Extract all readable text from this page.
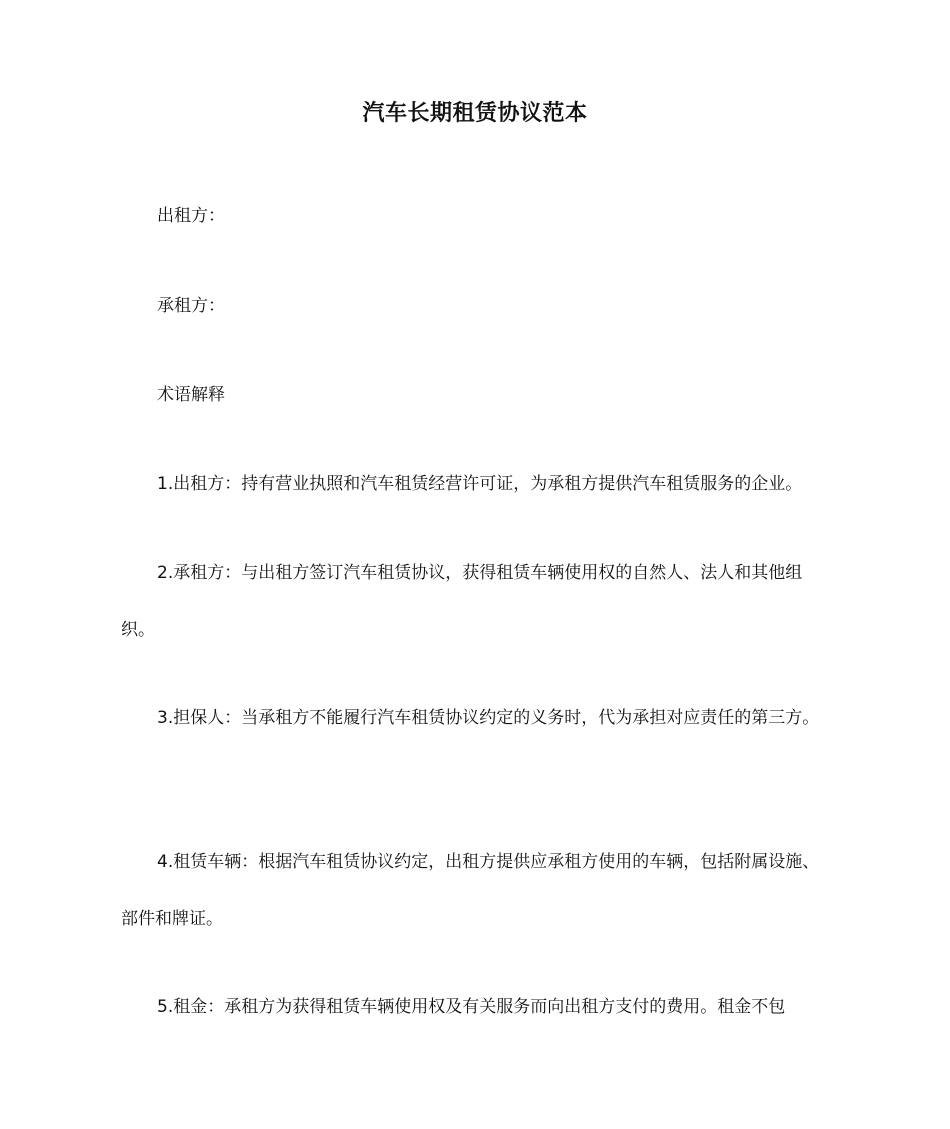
汽车长期租赁协议范本

出租方：

承租方：

术语解释

1.出租方：持有营业执照和汽车租赁经营许可证，为承租方提供汽车租赁服务的企业。

2.承租方：与出租方签订汽车租赁协议，获得租赁车辆使用权的自然人、法人和其他组织。

3.担保人：当承租方不能履行汽车租赁协议约定的义务时，代为承担对应责任的第三方。

4.租赁车辆：根据汽车租赁协议约定，出租方提供应承租方使用的车辆，包括附属设施、部件和牌证。

5.租金：承租方为获得租赁车辆使用权及有关服务而向出租方支付的费用。租金不包
